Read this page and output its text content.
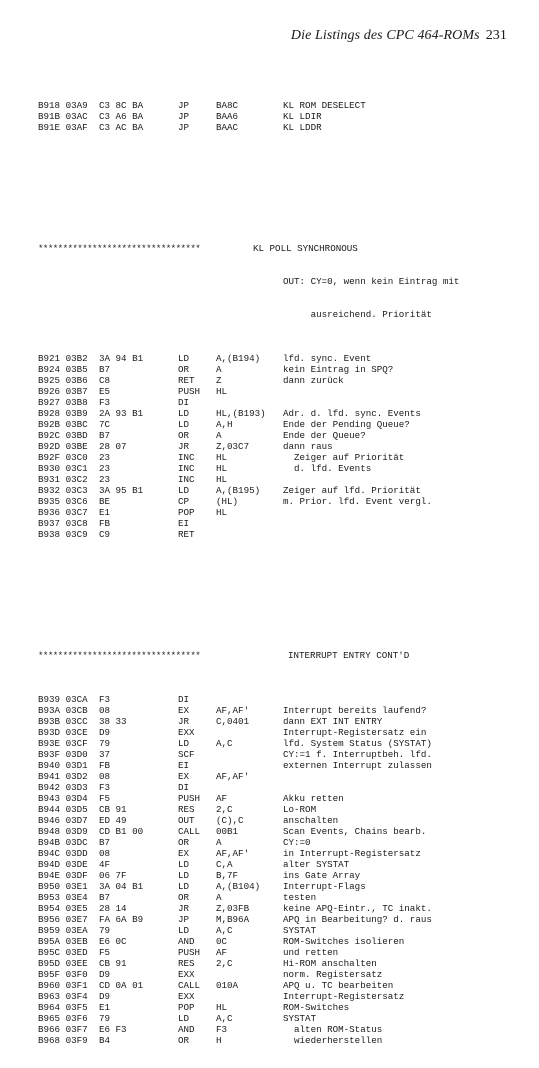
Die Listings des CPC 464-ROMs 231

B918 03A9 C3 8C BA	JP	BA8C	KL ROM DESELECT
B91B 03AC C3 A6 BA	JP	BAA6	KL LDIR
B91E 03AF C3 AC BA	JP	BAAC	KL LDDR

*********************************

	KL POLL SYNCHRONOUS

OUT: CY=0, wenn kein Eintrag mit

ausreichend. Priorität

B921 03B2 3A 94 B1	LD	A,(B194) lfd. sync. Event
B924 03B5 B7	OR	A	kein Eintrag in SPQ?
B925 03B6 C8	RET Z	dann zurück
B926 03B7 E5	PUSH HL
B927 03B8 F3	DI
B928 03B9 2A 93 B1	LD	HL,(B193) Adr. d. lfd. sync. Events
B92B 03BC 7C	LD	A,H	Ende der Pending Queue?
B92C 03BD B7	OR	A	Ende der Queue?
B92D 03BE 28 07	JR	Z,03C7	dann raus
B92F 03C0 23	INC HL	Zeiger auf Priorität
B930 03C1 23	INC HL	d. lfd. Events
B931 03C2 23	INC HL
B932 03C3 3A 95 B1	LD	A,(B195) Zeiger auf lfd. Priorität
B935 03C6 BE	CP	(HL)	m. Prior. lfd. Event vergl.
B936 03C7 E1	POP HL
B937 03C8 FB	EI
B938 03C9 C9	RET

*********************************

	INTERRUPT ENTRY CONT'D

B939 03CA F3	DI
B93A 03CB 08	EX	AF,AF'	Interrupt bereits laufend?
B93B 03CC 38 33	JR	C,0401	dann EXT INT ENTRY
B93D 03CE D9	EXX	Interrupt-Registersatz ein
B93E 03CF 79	LD	A,C	lfd. System Status (SYSTAT)
B93F 03D0 37	SCF	CY:=1 f. Interruptbeh. lfd.
B940 03D1 FB	EI	externen Interrupt zulassen
B941 03D2 08	EX	AF,AF'
B942 03D3 F3	DI
B943 03D4 F5	PUSH AF	Akku retten
B944 03D5 CB 91	RES 2,C	Lo-ROM
B946 03D7 ED 49	OUT (C),C	anschalten
B948 03D9 CD B1 00	CALL 00B1	Scan Events, Chains bearb.
B94B 03DC B7	OR	A	CY:=0
B94C 03DD 08	EX	AF,AF'	in Interrupt-Registersatz
B94D 03DE 4F	LD	C,A	alter SYSTAT
B94E 03DF 06 7F	LD	B,7F	ins Gate Array
B950 03E1 3A 04 B1	LD	A,(B104) Interrupt-Flags
B953 03E4 B7	OR	A	testen
B954 03E5 28 14	JR	Z,03FB	keine APQ-Eintr., TC inakt.
B956 03E7 FA 6A B9	JP	M,B96A	APQ in Bearbeitung? d. raus
B959 03EA 79	LD	A,C	SYSTAT
B95A 03EB E6 0C	AND 0C	ROM-Switches isolieren
B95C 03ED F5	PUSH AF	und retten
B95D 03EE CB 91	RES 2,C	Hi-ROM anschalten
B95F 03F0 D9	EXX	norm. Registersatz
B960 03F1 CD 0A 01	CALL 010A	APQ u. TC bearbeiten
B963 03F4 D9	EXX	Interrupt-Registersatz
B964 03F5 E1	POP HL	ROM-Switches
B965 03F6 79	LD	A,C	SYSTAT
B966 03F7 E6 F3	AND F3	alten ROM-Status
B968 03F9 B4	OR	H	wiederherstellen
